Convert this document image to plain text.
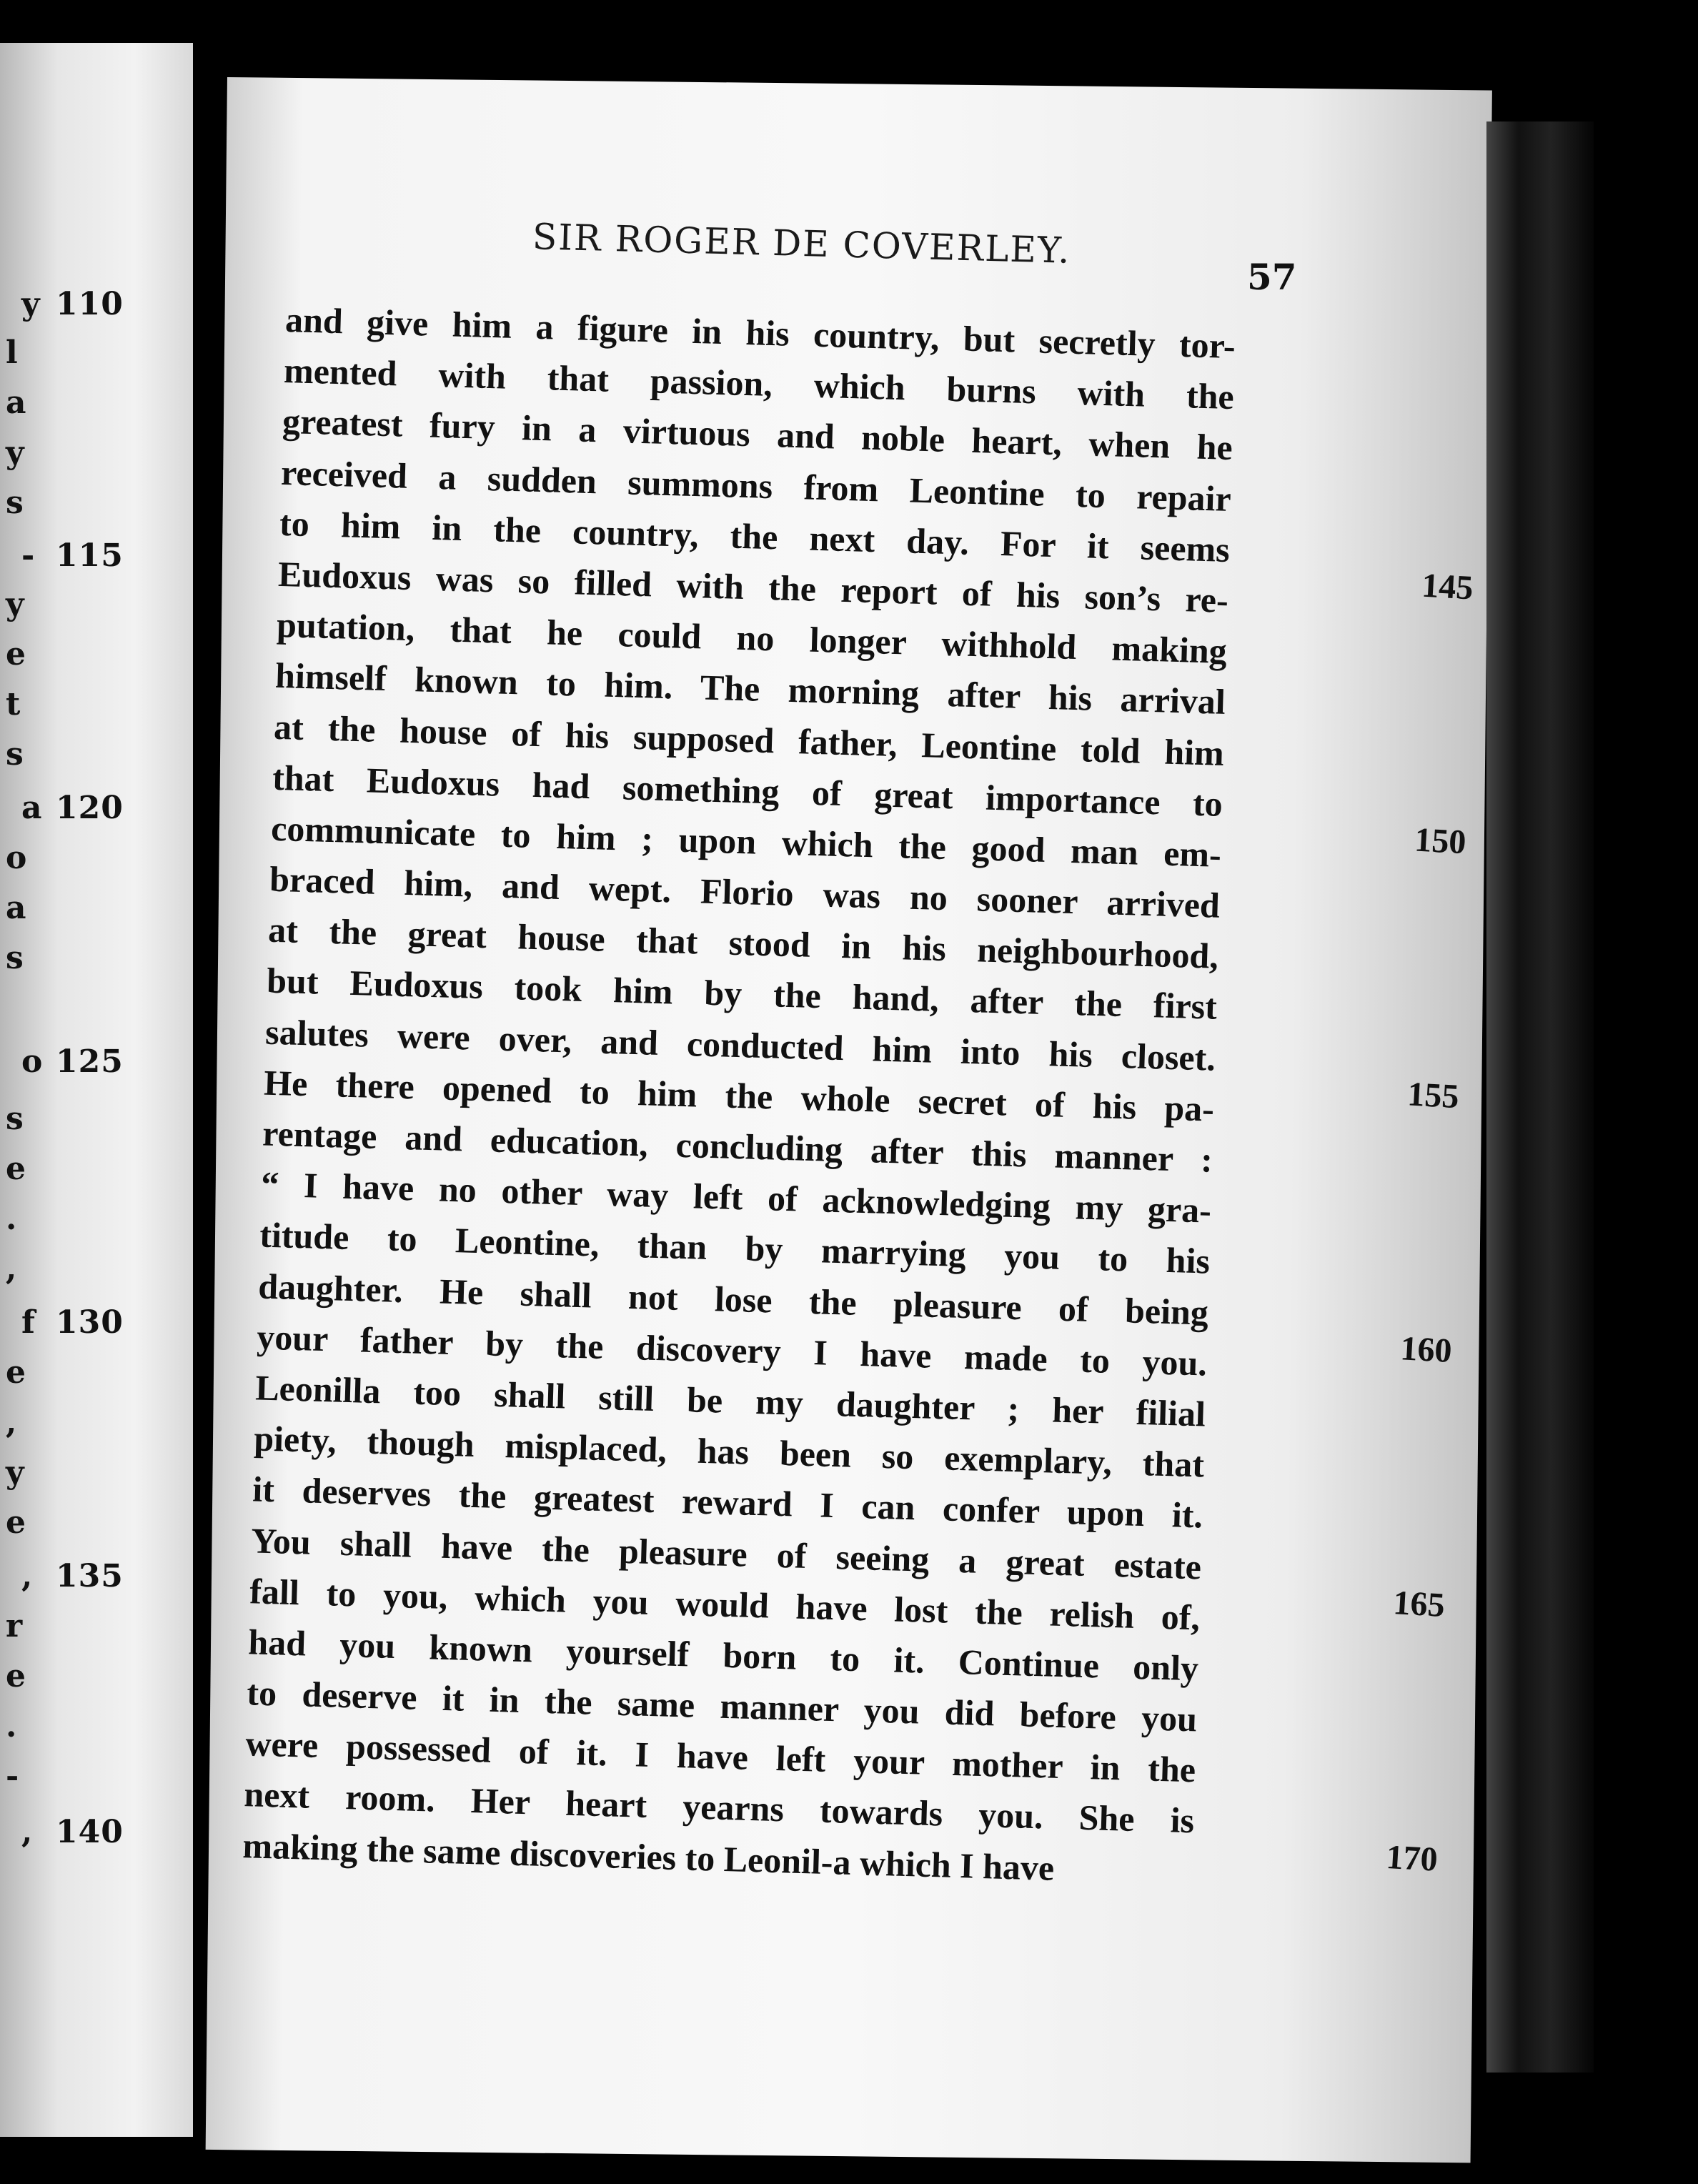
y 110
l
a
y
s
- 115
y
e
t
s
a 120
o
a
s
o 125
s
e
.
,
f 130
e
,
y
e
, 135
r
e
.
-
, 140
SIR ROGER DE COVERLEY.
57
and give him a figure in his country, but secretly tor-
mented with that passion, which burns with the
greatest fury in a virtuous and noble heart, when he
received a sudden summons from Leontine to repair
to him in the country, the next day. For it seems
Eudoxus was so filled with the report of his son’s re-
putation, that he could no longer withhold making
himself known to him. The morning after his arrival
at the house of his supposed father, Leontine told him
that Eudoxus had something of great importance to
communicate to him ; upon which the good man em-
braced him, and wept. Florio was no sooner arrived
at the great house that stood in his neighbourhood,
but Eudoxus took him by the hand, after the first
salutes were over, and conducted him into his closet.
He there opened to him the whole secret of his pa-
rentage and education, concluding after this manner :
“ I have no other way left of acknowledging my gra-
titude to Leontine, than by marrying you to his
daughter. He shall not lose the pleasure of being
your father by the discovery I have made to you.
Leonilla too shall still be my daughter ; her filial
piety, though misplaced, has been so exemplary, that
it deserves the greatest reward I can confer upon it.
You shall have the pleasure of seeing a great estate
fall to you, which you would have lost the relish of,
had you known yourself born to it. Continue only
to deserve it in the same manner you did before you
were possessed of it. I have left your mother in the
next room. Her heart yearns towards you. She is
making the same discoveries to Leonil-a which I have
145
150
155
160
165
170
